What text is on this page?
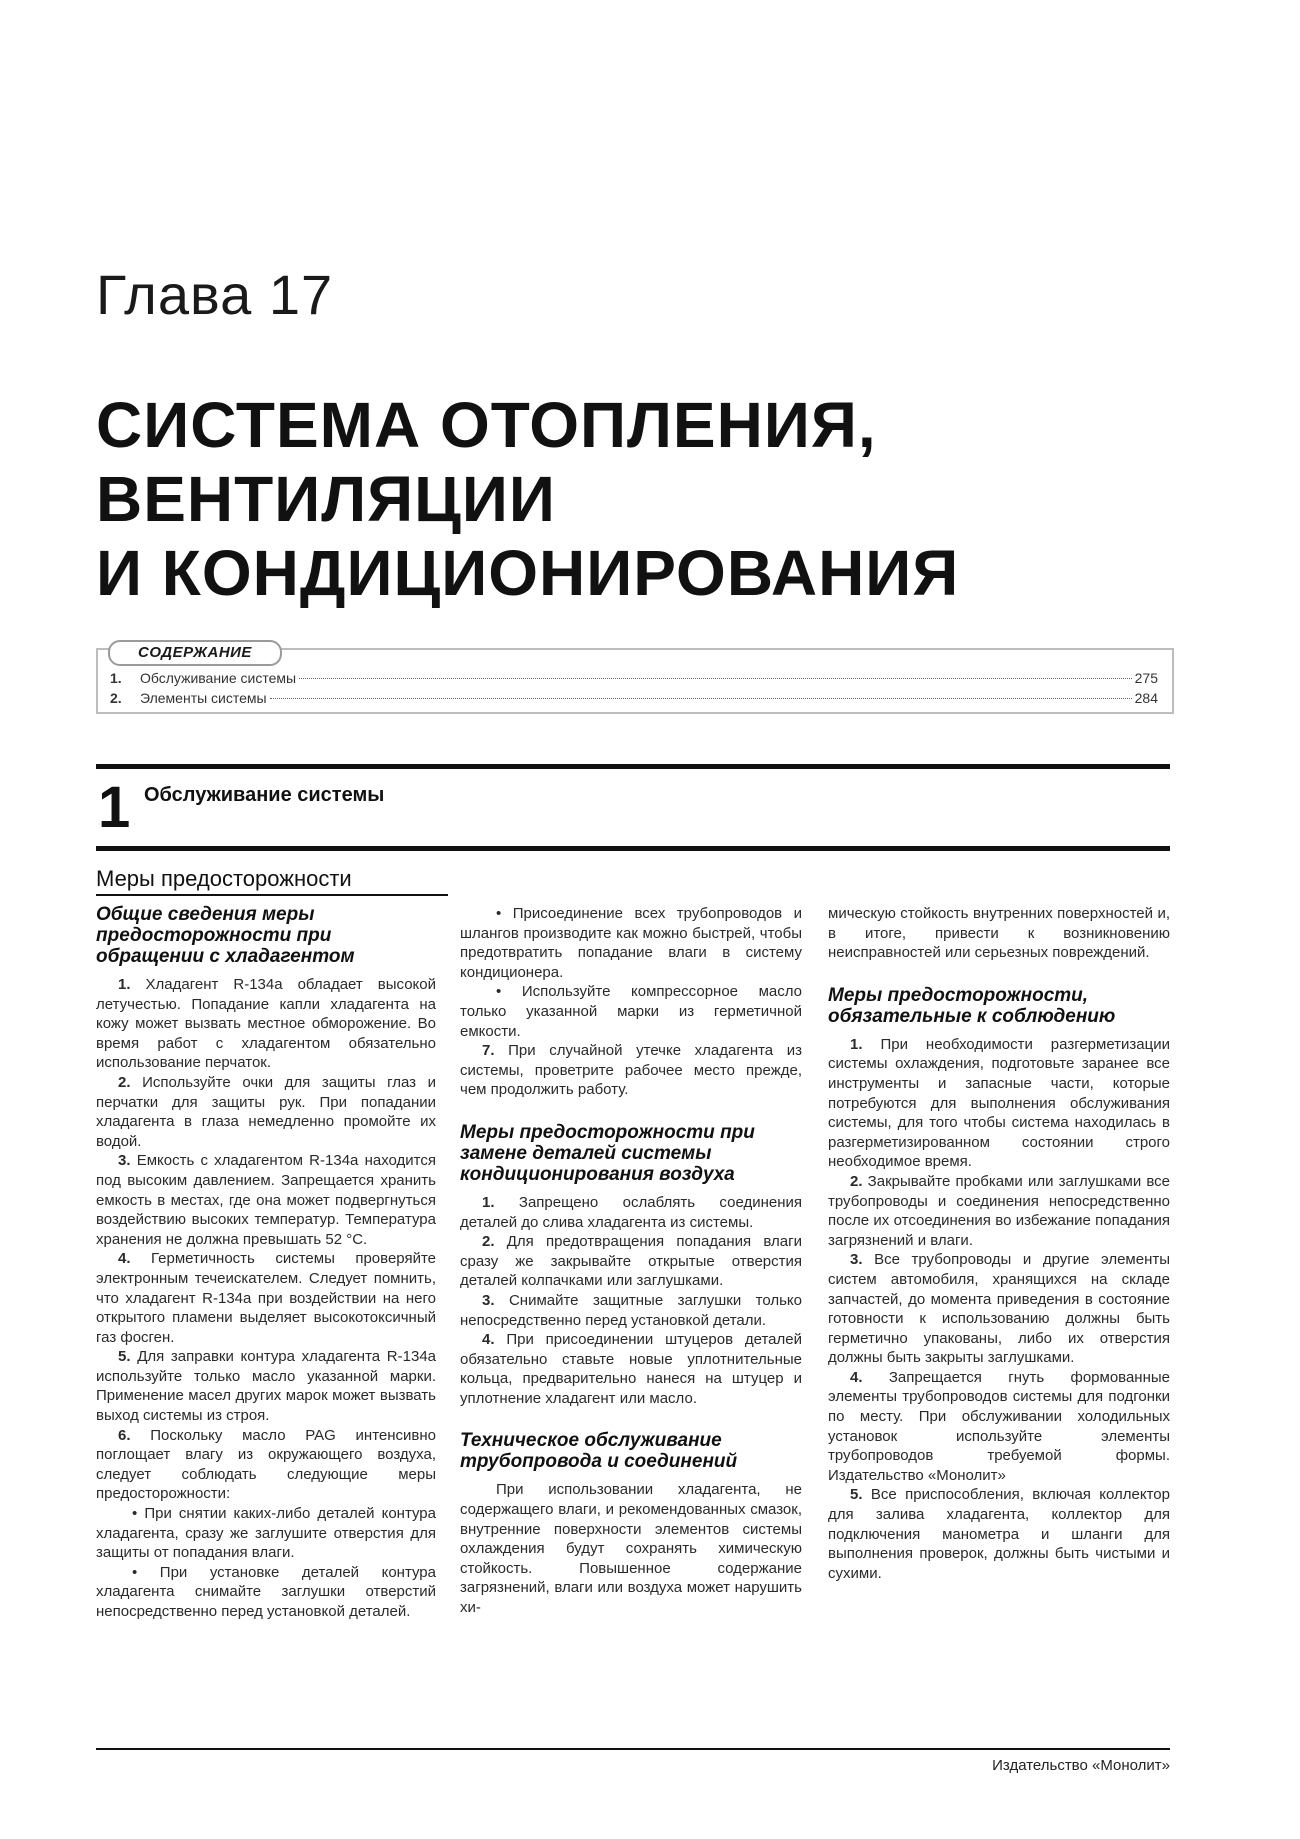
Глава 17
СИСТЕМА ОТОПЛЕНИЯ,
ВЕНТИЛЯЦИИ
И КОНДИЦИОНИРОВАНИЯ
СОДЕРЖАНИЕ
1.	Обслуживание системы	275
2.	Элементы системы	284
1 Обслуживание системы
Меры предосторожности
Общие сведения меры предосторожности при обращении с хладагентом

1. Хладагент R-134a обладает высокой летучестью. Попадание капли хладагента на кожу может вызвать местное обморожение. Во время работ с хладагентом обязательно использование перчаток.

2. Используйте очки для защиты глаз и перчатки для защиты рук. При попадании хладагента в глаза немедленно промойте их водой.

3. Емкость с хладагентом R-134a находится под высоким давлением. Запрещается хранить емкость в местах, где она может подвергнуться воздействию высоких температур. Температура хранения не должна превышать 52 °С.

4. Герметичность системы проверяйте электронным течеискателем. Следует помнить, что хладагент R-134a при воздействии на него открытого пламени выделяет высокотоксичный газ фосген.

5. Для заправки контура хладагента R-134a используйте только масло указанной марки. Применение масел других марок может вызвать выход системы из строя.

6. Поскольку масло PAG интенсивно поглощает влагу из окружающего воздуха, следует соблюдать следующие меры предосторожности:

• При снятии каких-либо деталей контура хладагента, сразу же заглушите отверстия для защиты от попадания влаги.

• При установке деталей контура хладагента снимайте заглушки отверстий непосредственно перед установкой деталей.

• Присоединение всех трубопроводов и шлангов производите как можно быстрей, чтобы предотвратить попадание влаги в систему кондиционера.

• Используйте компрессорное масло только указанной марки из герметичной емкости.

7. При случайной утечке хладагента из системы, проветрите рабочее место прежде, чем продолжить работу.

Меры предосторожности при замене деталей системы кондиционирования воздуха

1. Запрещено ослаблять соединения деталей до слива хладагента из системы.

2. Для предотвращения попадания влаги сразу же закрывайте открытые отверстия деталей колпачками или заглушками.

3. Снимайте защитные заглушки только непосредственно перед установкой детали.

4. При присоединении штуцеров деталей обязательно ставьте новые уплотнительные кольца, предварительно нанеся на штуцер и уплотнение хладагент или масло.

Техническое обслуживание трубопровода и соединений

При использовании хладагента, не содержащего влаги, и рекомендованных смазок, внутренние поверхности элементов системы охлаждения будут сохранять химическую стойкость. Повышенное содержание загрязнений, влаги или воздуха может нарушить хи-

мическую стойкость внутренних поверхностей и, в итоге, привести к возникновению неисправностей или серьезных повреждений.

Меры предосторожности, обязательные к соблюдению

1. При необходимости разгерметизации системы охлаждения, подготовьте заранее все инструменты и запасные части, которые потребуются для выполнения обслуживания системы, для того чтобы система находилась в разгерметизированном состоянии строго необходимое время.

2. Закрывайте пробками или заглушками все трубопроводы и соединения непосредственно после их отсоединения во избежание попадания загрязнений и влаги.

3. Все трубопроводы и другие элементы систем автомобиля, хранящихся на складе запчастей, до момента приведения в состояние готовности к использованию должны быть герметично упакованы, либо их отверстия должны быть закрыты заглушками.

4. Запрещается гнуть формованные элементы трубопроводов системы для подгонки по месту. При обслуживании холодильных установок используйте элементы трубопроводов требуемой формы. Издательство «Монолит»

5. Все приспособления, включая коллектор для залива хладагента, коллектор для подключения манометра и шланги для выполнения проверок, должны быть чистыми и сухими.

Издательство «Монолит»
